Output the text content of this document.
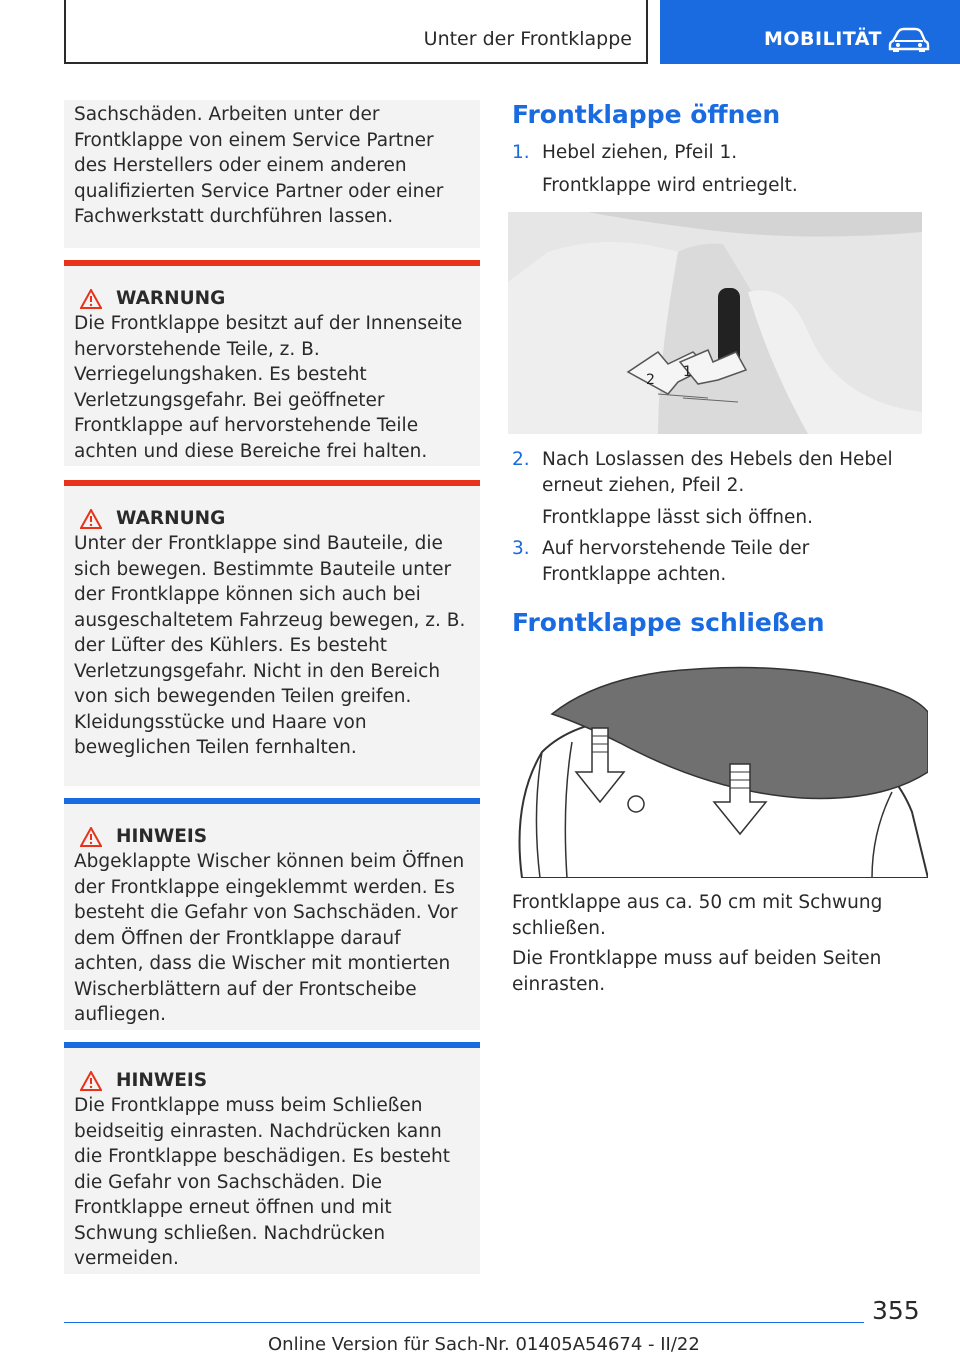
Unter der Frontklappe	MOBILITÄT

Sachschäden. Arbeiten unter der Frontklappe von einem Service Partner des Herstellers oder einem anderen qualifizierten Service Partner oder einer Fachwerkstatt durchführen lassen.

WARNUNG

Die Frontklappe besitzt auf der Innenseite hervorstehende Teile, z. B. Verriegelungshaken. Es besteht Verletzungsgefahr. Bei geöffneter Frontklappe auf hervorstehende Teile achten und diese Bereiche frei halten.

WARNUNG

Unter der Frontklappe sind Bauteile, die sich bewegen. Bestimmte Bauteile unter der Frontklappe können sich auch bei ausgeschaltetem Fahrzeug bewegen, z. B. der Lüfter des Kühlers. Es besteht Verletzungsgefahr. Nicht in den Bereich von sich bewegenden Teilen greifen. Kleidungsstücke und Haare von beweglichen Teilen fernhalten.

HINWEIS

Abgeklappte Wischer können beim Öffnen der Frontklappe eingeklemmt werden. Es besteht die Gefahr von Sachschäden. Vor dem Öffnen der Frontklappe darauf achten, dass die Wischer mit montierten Wischerblättern auf der Frontscheibe aufliegen.

HINWEIS

Die Frontklappe muss beim Schließen beidseitig einrasten. Nachdrücken kann die Frontklappe beschädigen. Es besteht die Gefahr von Sachschäden. Die Frontklappe erneut öffnen und mit Schwung schließen. Nachdrücken vermeiden.

Frontklappe öffnen
1. Hebel ziehen, Pfeil 1.
Frontklappe wird entriegelt.
2 1
2. Nach Loslassen des Hebels den Hebel erneut ziehen, Pfeil 2.
Frontklappe lässt sich öffnen.
3. Auf hervorstehende Teile der Frontklappe achten.
Frontklappe schließen

Frontklappe aus ca. 50 cm mit Schwung schließen.

Die Frontklappe muss auf beiden Seiten einrasten.

355
Online Version für Sach-Nr. 01405A54674 - II/22
